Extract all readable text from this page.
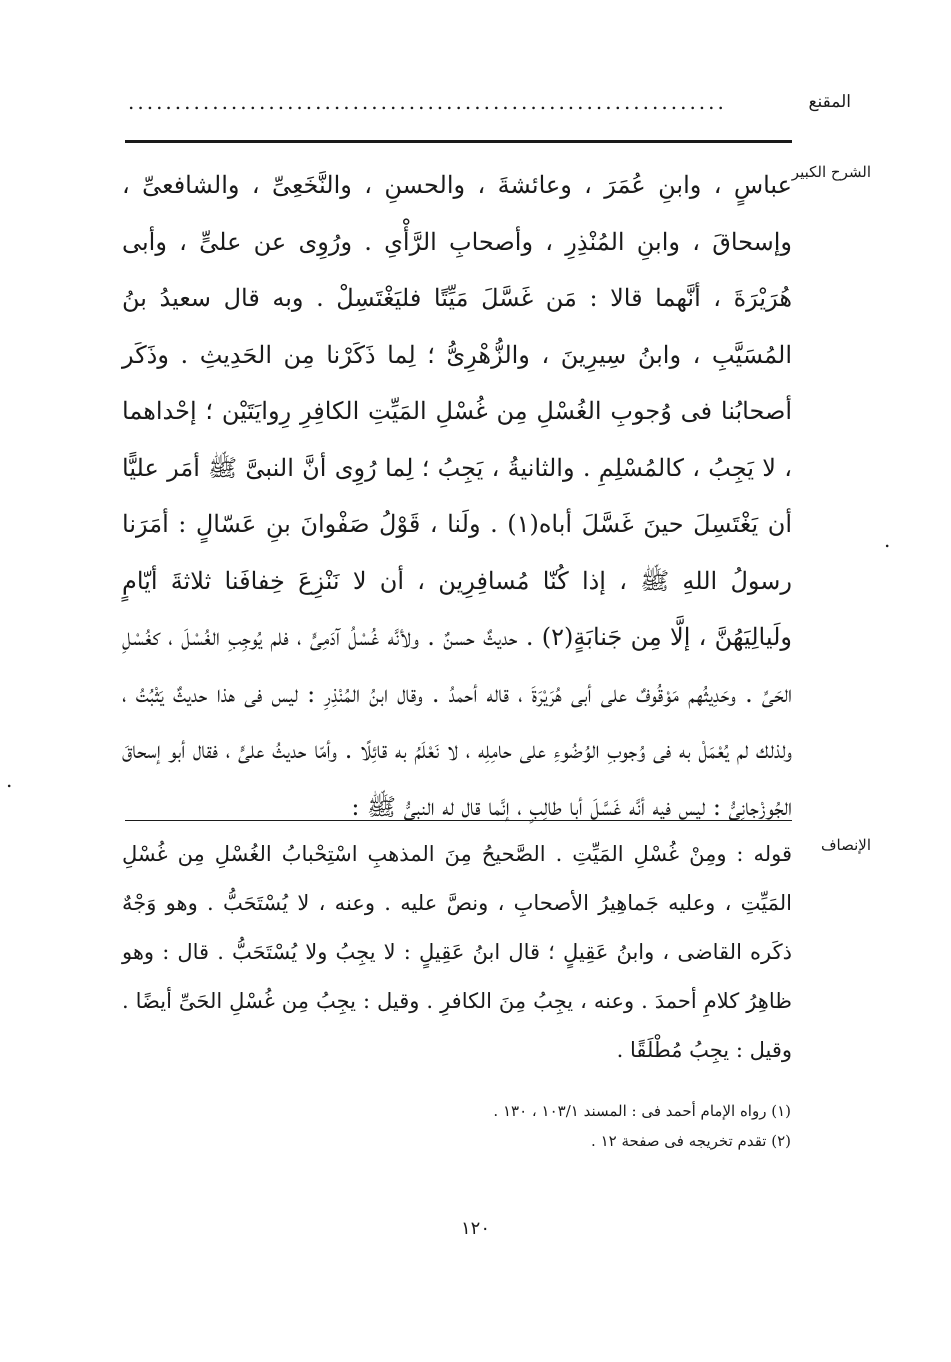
المقنع
................................................................
الشرح الكبير

عباسٍ ، وابنِ عُمَرَ ، وعائشةَ ، والحسنِ ، والنَّخَعِىِّ ، والشافعىِّ ، وإسحاقَ ، وابنِ المُنْذِرِ ، وأصحابِ الرَّأْىِ . ورُوِى عن علىٍّ ، وأبى هُرَيْرَةَ ، أنَّهما قالا : مَن غَسَّلَ مَيِّتًا فليَغْتَسِلْ . وبه قال سعيدُ بنُ المُسَيَّبِ ، وابنُ سِيرِينَ ، والزُّهْرِىُّ ؛ لِما ذَكَرْنا مِن الحَدِيثِ . وذَكَر أصحابُنا فى وُجوبِ الغُسْلِ مِن غُسْلِ المَيِّتِ الكافِرِ رِوايَتَيْن ؛ إحْداهما ، لا يَجِبُ ، كالمُسْلِمِ . والثانيةُ ، يَجِبُ ؛ لِما رُوِى أنَّ النبىَّ ﷺ أمَر عليًّا أن يَغْتَسِلَ حينَ غَسَّلَ أباه(١) . ولَنا ، قَوْلُ صَفْوانَ بنِ عَسّالٍ : أمَرَنا رسولُ اللهِ ﷺ ، إذا كُنّا مُسافِرِين ، أن لا نَنْزِعَ خِفافَنا ثلاثةَ أيّامٍ ولَيالِيَهُنَّ ، إلَّا مِن جَنابَةٍ(٢) . حديثٌ حسنٌ . ولأنَّه غُسْلُ آدَمِىٍّ ، فلم يُوجِبِ الغُسْلَ ، كغُسْلِ الحَىِّ . وحَدِيثُهم مَوْقُوفٌ على أبى هُرَيْرَةَ ، قاله أحمدُ . وقال ابنُ المُنْذِرِ : ليس فى هذا حديثٌ يَثْبُتُ ، ولذلك لم يُعْمَلْ به فى وُجوبِ الوُضُوءِ على حامِلِه ، لا نَعْلَمُ به قائِلًا . وأمّا حديثُ علىٍّ ، فقال أبو إسحاقَ الجُوزْجانِىُّ : ليس فيه أنَّه غَسَّلَ أبا طالِبٍ ، إنَّما قال له النبىُّ ﷺ :

.
.
الإنصاف

قوله : ومِنْ غُسْلِ المَيِّتِ . الصَّحيحُ مِنَ المذهبِ اسْتِحْبابُ الغُسْلِ مِن غُسْلِ المَيِّتِ ، وعليه جَماهِيرُ الأصحابِ ، ونصَّ عليه . وعنه ، لا يُسْتَحَبُّ . وهو وَجْهٌ ذكَره القاضى ، وابنُ عَقِيلٍ ؛ قال ابنُ عَقِيلٍ : لا يجِبُ ولا يُسْتَحَبُّ . قال : وهو ظاهِرُ كلامِ أحمدَ . وعنه ، يجِبُ مِنَ الكافرِ . وقيل : يجِبُ مِن غُسْلِ الحَىِّ أيضًا . وقيل : يجِبُ مُطْلَقًا .

(١) رواه الإمام أحمد فى : المسند ١٠٣/١ ، ١٣٠ .
(٢) تقدم تخريجه فى صفحة ١٢ .
١٢٠
